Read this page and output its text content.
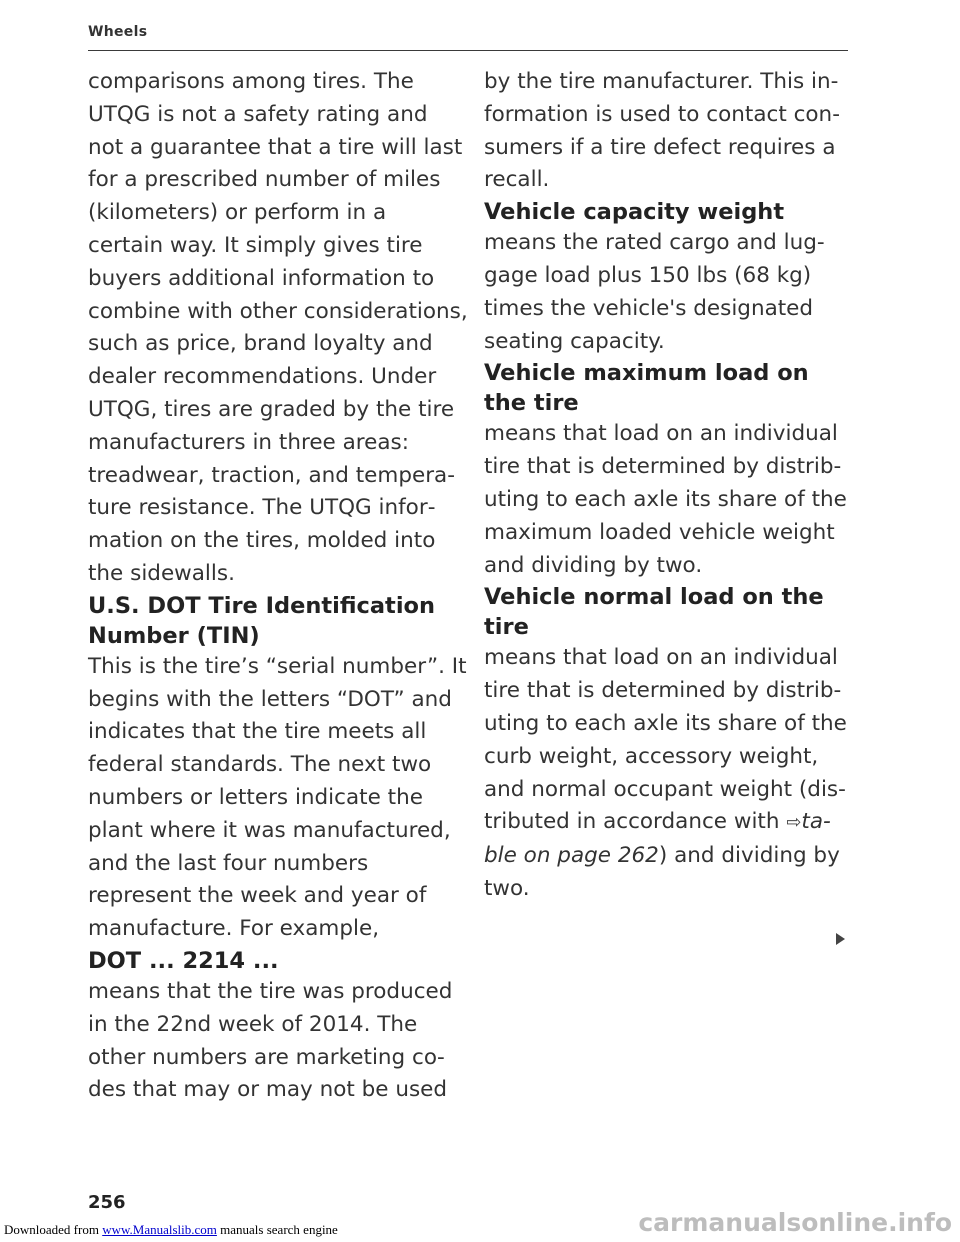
Wheels

comparisons among tires. The UTQG is not a safety rating and not a guarantee that a tire will last for a prescribed number of miles (kilometers) or perform in a certain way. It simply gives tire buyers additional information to combine with other considerations, such as price, brand loyalty and dealer recommendations. Under UTQG, tires are graded by the tire manufacturers in three areas: treadwear, traction, and temperature resistance. The UTQG information on the tires, molded into the sidewalls.

U.S. DOT Tire Identification Number (TIN)

This is the tire’s “serial number”. It begins with the letters “DOT” and indicates that the tire meets all federal standards. The next two numbers or letters indicate the plant where it was manufactured, and the last four numbers represent the week and year of manufacture. For example,

DOT ... 2214 ...

means that the tire was produced in the 22nd week of 2014. The other numbers are marketing codes that may or may not be used

by the tire manufacturer. This information is used to contact consumers if a tire defect requires a recall.

Vehicle capacity weight

means the rated cargo and luggage load plus 150 lbs (68 kg) times the vehicle's designated seating capacity.

Vehicle maximum load on the tire

means that load on an individual tire that is determined by distributing to each axle its share of the maximum loaded vehicle weight and dividing by two.

Vehicle normal load on the tire

means that load on an individual tire that is determined by distributing to each axle its share of the curb weight, accessory weight, and normal occupant weight (distributed in accordance with ⇨table on page 262) and dividing by two.

256
Downloaded from www.Manualslib.com manuals search engine	carmanualsonline.info
